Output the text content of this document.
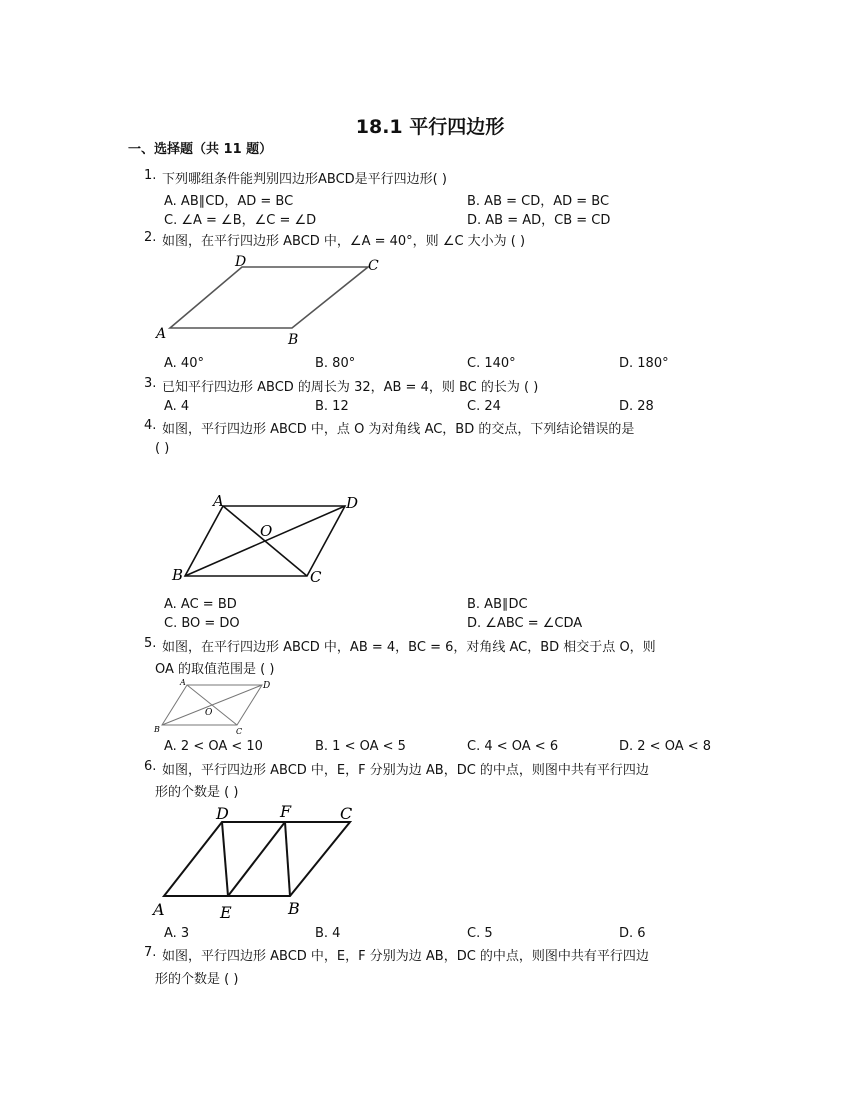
18.1 平行四边形
一、选择题（共 11 题）
1. 下列哪组条件能判别四边形ABCD是平行四边形( )
A. AB∥CD，AD = BC	B. AB = CD，AD = BC
C. ∠A = ∠B，∠C = ∠D	D. AB = AD，CB = CD
2. 如图，在平行四边形 ABCD 中，∠A = 40°，则 ∠C 大小为 ( )
D	C
A	B
A. 40°	B. 80°	C. 140°	D. 180°
3. 已知平行四边形 ABCD 的周长为 32，AB = 4，则 BC 的长为 ( )
A. 4	B. 12	C. 24	D. 28
4. 如图，平行四边形 ABCD 中，点 O 为对角线 AC，BD 的交点，下列结论错误的是
( )
A	D
O
B	C
A. AC = BD	B. AB∥DC
C. BO = DO	D. ∠ABC = ∠CDA
5. 如图，在平行四边形 ABCD 中，AB = 4，BC = 6，对角线 AC，BD 相交于点 O，则
OA 的取值范围是 ( )
A	D
O
B	C
A. 2 < OA < 10	B. 1 < OA < 5	C. 4 < OA < 6	D. 2 < OA < 8
6. 如图，平行四边形 ABCD 中，E，F 分别为边 AB，DC 的中点，则图中共有平行四边
形的个数是 ( )
D	F	C
A	E	B
A. 3	B. 4	C. 5	D. 6
7. 如图，平行四边形 ABCD 中，E，F 分别为边 AB，DC 的中点，则图中共有平行四边
形的个数是 ( )
